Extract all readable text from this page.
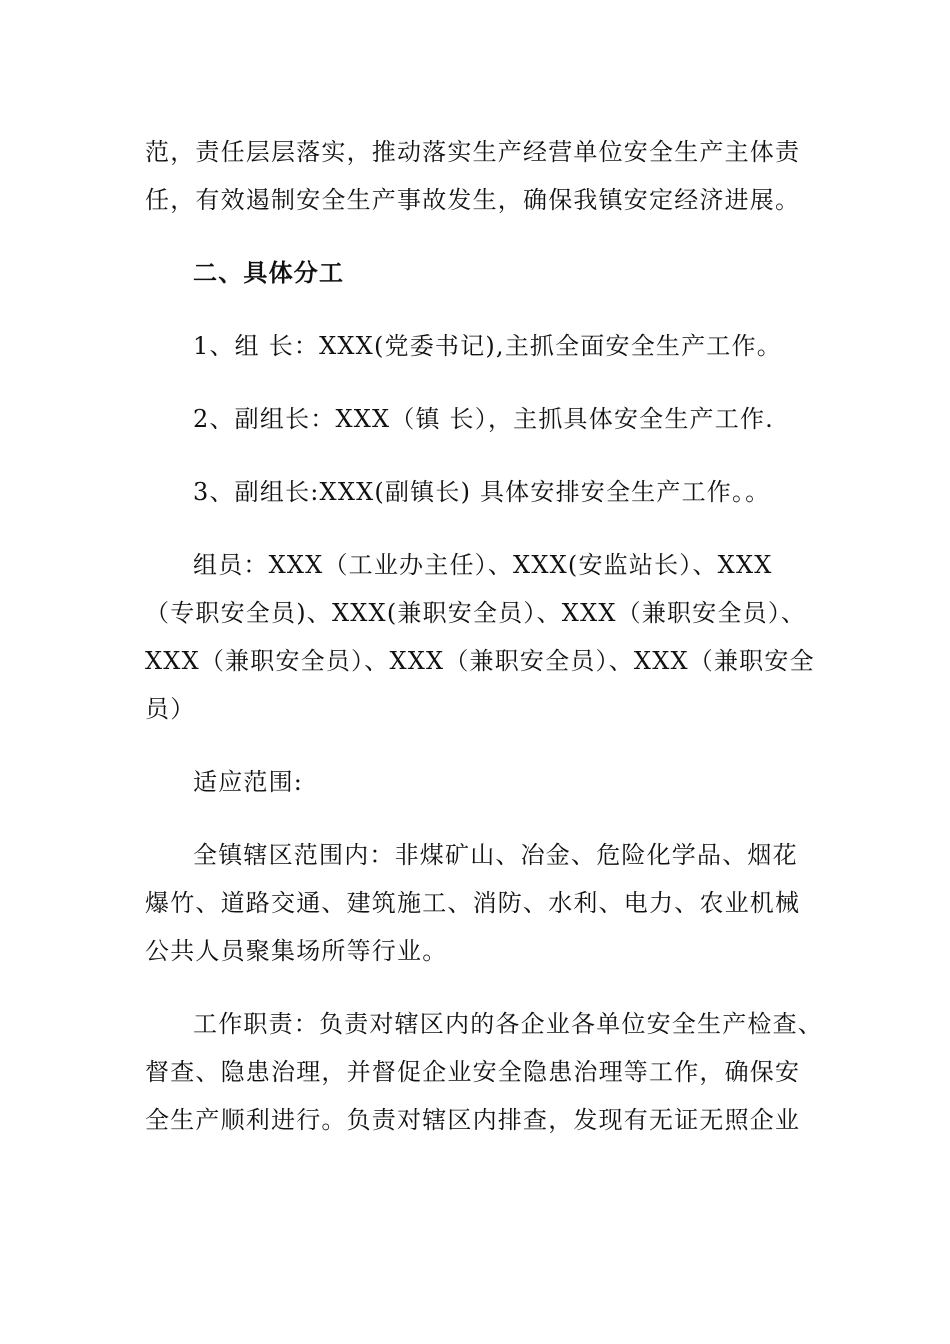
范，责任层层落实，推动落实生产经营单位安全生产主体责
任，有效遏制安全生产事故发生，确保我镇安定经济进展。
二、具体分工
1、组 长：XXX(党委书记),主抓全面安全生产工作。
2、副组长：XXX（镇 长），主抓具体安全生产工作.
3、副组长:XXX(副镇长) 具体安排安全生产工作。。
组员：XXX（工业办主任）、XXX(安监站长）、XXX
（专职安全员)、XXX(兼职安全员）、XXX（兼职安全员）、
XXX（兼职安全员）、XXX（兼职安全员）、XXX（兼职安全
员）
适应范围:
全镇辖区范围内：非煤矿山、冶金、危险化学品、烟花
爆竹、道路交通、建筑施工、消防、水利、电力、农业机械
公共人员聚集场所等行业。
工作职责：负责对辖区内的各企业各单位安全生产检查、
督查、隐患治理，并督促企业安全隐患治理等工作，确保安
全生产顺利进行。负责对辖区内排查，发现有无证无照企业
